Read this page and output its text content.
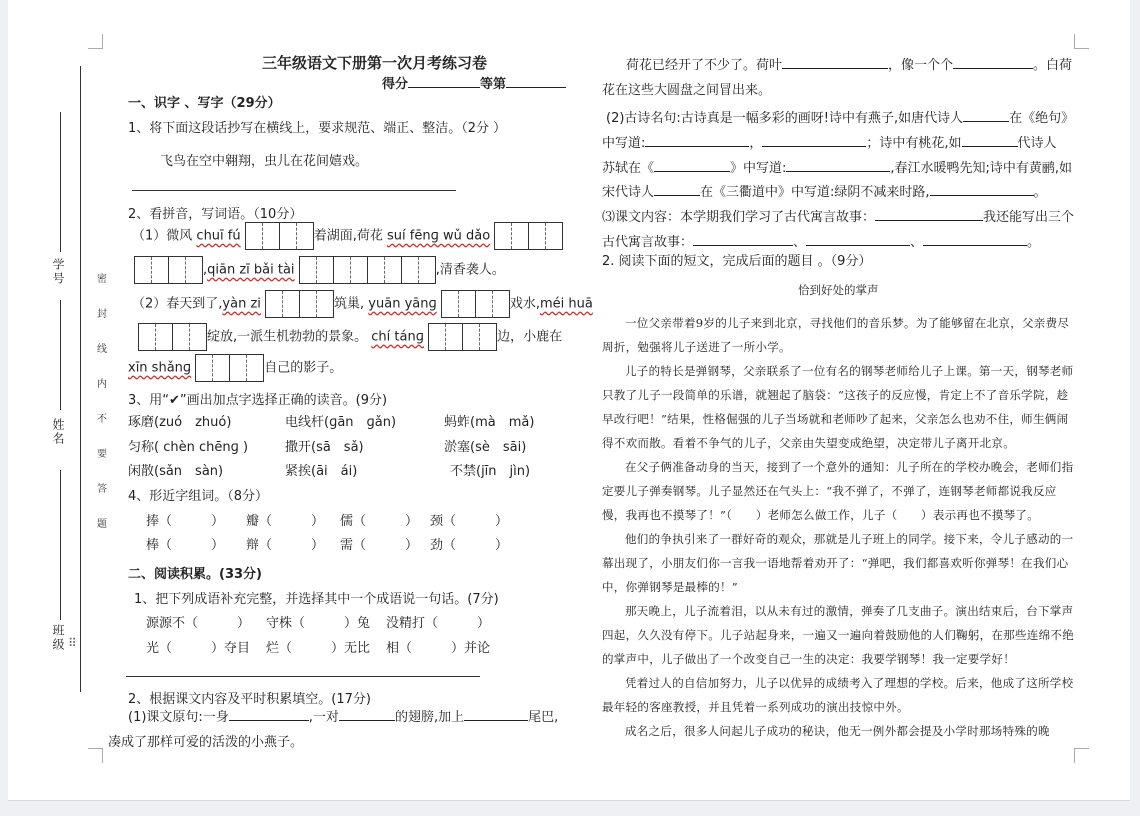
学号
姓名
班级
密
封
线
内
不
要
答
题
⠿
三年级语文下册第一次月考练习卷
得分	等第
一、识字 、写字（29分）
1、将下面这段话抄写在横线上，要求规范、端正、整洁。（2分 ）
飞鸟在空中翱翔，虫儿在花间嬉戏。
2、看拼音，写词语。（10分）
（1）微风 chuī fú	着湖面,荷花 suí fēnɡ wǔ dǎo
,qiān zī bǎi tài	,清香袭人。
（2）春天到了,yàn zi	筑巢, yuān yānɡ	戏水,méi huā
绽放,一派生机勃勃的景象。 chí tánɡ	边，小鹿在
xīn shǎnɡ	自己的影子。
3、用“✔”画出加点字选择正确的读音。(9分)
琢磨(zuó　zhuó)	电线杆(ɡān　ɡǎn)	蚂蚱(mà　mǎ)
匀称( chèn chēnɡ )	撒开(sā　sǎ)	淤塞(sè　sāi)
闲散(sǎn　sàn)	紧挨(āi　ái)	不禁(jīn　jìn)
4、形近字组词。（8分）
捧（　　　） 瓣（　　　） 儒（　　　） 颈（　　　）
棒（　　　） 辩（　　　） 需（　　　） 劲（　　　）
二、阅读积累。(33分)
1、把下列成语补充完整，并选择其中一个成语说一句话。(7分)
源源不（　　　） 守株（　　　）兔 没精打（　　　）
光（　　　）夺目 烂（　　　）无比 相（　　　）并论
2、根据课文内容及平时积累填空。(17分)
(1)课文原句:一身	,一对	的翅膀,加上	尾巴,
凑成了那样可爱的活泼的小燕子。
荷花已经开了不少了。荷叶	，像一个个	。白荷
花在这些大圆盘之间冒出来。
(2)古诗名句:古诗真是一幅多彩的画呀!诗中有燕子,如唐代诗人	在《绝句》
中写道:	，	；诗中有桃花,如	代诗人
苏轼在《	》中写道:	,春江水暖鸭先知;诗中有黄鹂,如
宋代诗人	在《三衢道中》中写道:绿阴不减来时路,	。
⑶课文内容：本学期我们学习了古代寓言故事：	我还能写出三个
古代寓言故事：	、	、	。
2. 阅读下面的短文，完成后面的题目 。（9分）
恰到好处的掌声

一位父亲带着9岁的儿子来到北京，寻找他们的音乐梦。为了能够留在北京，父亲费尽周折，勉强将儿子送进了一所小学。

儿子的特长是弹钢琴，父亲联系了一位有名的钢琴老师给儿子上课。第一天，钢琴老师只教了儿子一段简单的乐谱，就翘起了脑袋：“这孩子的反应慢，肯定上不了音乐学院，趁早改行吧！”结果，性格倔强的儿子当场就和老师吵了起来，父亲怎么也劝不住，师生俩闹得不欢而散。看着不争气的儿子，父亲由失望变成绝望，决定带儿子离开北京。

在父子俩准备动身的当天，接到了一个意外的通知：儿子所在的学校办晚会，老师们指定要儿子弹奏钢琴。儿子显然还在气头上：“我不弹了，不弹了，连钢琴老师都说我反应慢，我再也不摸琴了！”（　　）老师怎么做工作，儿子（　　）表示再也不摸琴了。

他们的争执引来了一群好奇的观众，那就是儿子班上的同学。接下来，令儿子感动的一幕出现了，小朋友们你一言我一语地帮着劝开了：“弹吧，我们都喜欢听你弹琴！在我们心中，你弹钢琴是最棒的！”

那天晚上，儿子流着泪，以从未有过的激情，弹奏了几支曲子。演出结束后，台下掌声四起，久久没有停下。儿子站起身来，一遍又一遍向着鼓励他的人们鞠躬，在那些连绵不绝的掌声中，儿子做出了一个改变自己一生的决定：我要学钢琴！我一定要学好！

凭着过人的自信加努力，儿子以优异的成绩考入了理想的学校。后来，他成了这所学校最年轻的客座教授，并且凭着一系列成功的演出技惊中外。

成名之后，很多人问起儿子成功的秘诀，他无一例外都会提及小学时那场特殊的晚
